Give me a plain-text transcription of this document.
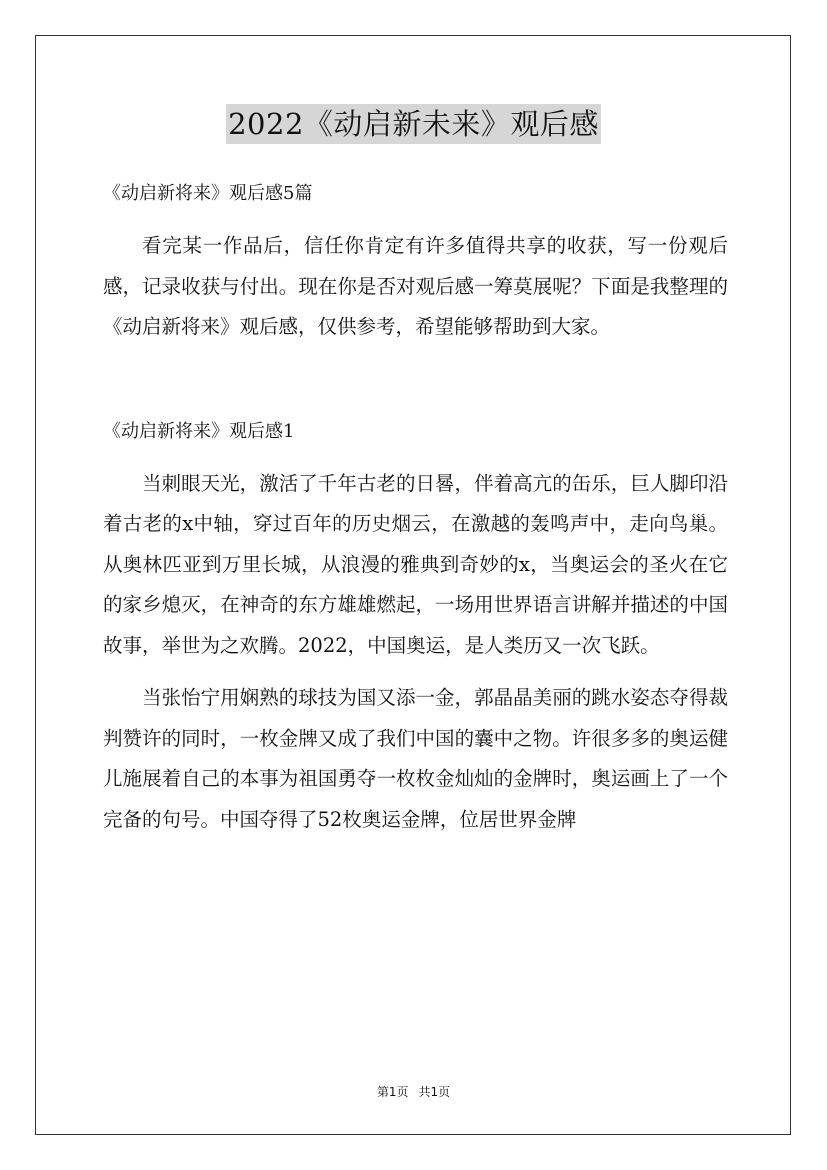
2022《动启新未来》观后感
《动启新将来》观后感5篇

看完某一作品后，信任你肯定有许多值得共享的收获，写一份观后感，记录收获与付出。现在你是否对观后感一筹莫展呢？下面是我整理的《动启新将来》观后感，仅供参考，希望能够帮助到大家。

《动启新将来》观后感1

当刺眼天光，激活了千年古老的日晷，伴着高亢的缶乐，巨人脚印沿着古老的x中轴，穿过百年的历史烟云，在激越的轰鸣声中，走向鸟巢。从奥林匹亚到万里长城，从浪漫的雅典到奇妙的x，当奥运会的圣火在它的家乡熄灭，在神奇的东方雄雄燃起，一场用世界语言讲解并描述的中国故事，举世为之欢腾。2022，中国奥运，是人类历又一次飞跃。

当张怡宁用娴熟的球技为国又添一金，郭晶晶美丽的跳水姿态夺得裁判赞许的同时，一枚金牌又成了我们中国的囊中之物。许很多多的奥运健儿施展着自己的本事为祖国勇夺一枚枚金灿灿的金牌时，奥运画上了一个完备的句号。中国夺得了52枚奥运金牌，位居世界金牌

第1页 共1页
